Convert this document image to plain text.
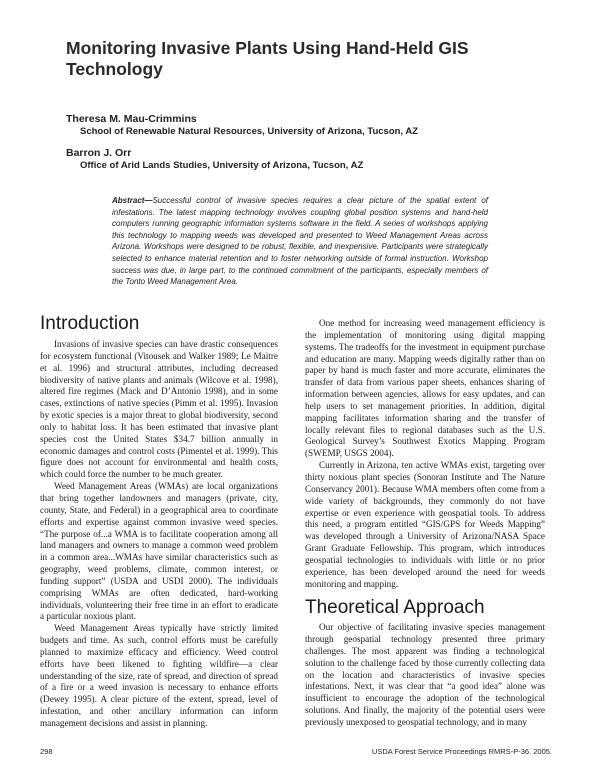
Monitoring Invasive Plants Using Hand-Held GIS Technology
Theresa M. Mau-Crimmins
School of Renewable Natural Resources, University of Arizona, Tucson, AZ
Barron J. Orr
Office of Arid Lands Studies, University of Arizona, Tucson, AZ
Abstract—Successful control of invasive species requires a clear picture of the spatial extent of infestations. The latest mapping technology involves coupling global position systems and hand-held computers running geographic information systems software in the field. A series of workshops applying this technology to mapping weeds was developed and presented to Weed Management Areas across Arizona. Workshops were designed to be robust, flexible, and inexpensive. Participants were strategically selected to enhance material retention and to foster networking outside of formal instruction. Workshop success was due, in large part, to the continued commitment of the participants, especially members of the Tonto Weed Management Area.
Introduction

Invasions of invasive species can have drastic consequences for ecosystem functional (Vitousek and Walker 1989; Le Maitre et al. 1996) and structural attributes, including decreased biodiversity of native plants and animals (Wilcove et al. 1998), altered fire regimes (Mack and D’Antonio 1998), and in some cases, extinctions of native species (Pimm et al. 1995). Invasion by exotic species is a major threat to global biodiversity, second only to habitat loss. It has been estimated that invasive plant species cost the United States $34.7 billion annually in economic damages and control costs (Pimentel et al. 1999). This figure does not account for environmental and health costs, which could force the number to be much greater.

Weed Management Areas (WMAs) are local organizations that bring together landowners and managers (private, city, county, State, and Federal) in a geographical area to coordinate efforts and expertise against common invasive weed species. “The purpose of...a WMA is to facilitate cooperation among all land managers and owners to manage a common weed problem in a common area...WMAs have similar characteristics such as geography, weed problems, climate, common interest, or funding support” (USDA and USDI 2000). The individuals comprising WMAs are often dedicated, hard-working individuals, volunteering their free time in an effort to eradicate a particular noxious plant.

Weed Management Areas typically have strictly limited budgets and time. As such, control efforts must be carefully planned to maximize efficacy and efficiency. Weed control efforts have been likened to fighting wildfire—a clear understanding of the size, rate of spread, and direction of spread of a fire or a weed invasion is necessary to enhance efforts (Dewey 1995). A clear picture of the extent, spread, level of infestation, and other ancillary information can inform management decisions and assist in planning.

One method for increasing weed management efficiency is the implementation of monitoring using digital mapping systems. The tradeoffs for the investment in equipment purchase and education are many. Mapping weeds digitally rather than on paper by hand is much faster and more accurate, eliminates the transfer of data from various paper sheets, enhances sharing of information between agencies, allows for easy updates, and can help users to set management priorities. In addition, digital mapping facilitates information sharing and the transfer of locally relevant files to regional databases such as the U.S. Geological Survey’s Southwest Exotics Mapping Program (SWEMP, USGS 2004).

Currently in Arizona, ten active WMAs exist, targeting over thirty noxious plant species (Sonoran Institute and The Nature Conservancy 2001). Because WMA members often come from a wide variety of backgrounds, they commonly do not have expertise or even experience with geospatial tools. To address this need, a program entitled “GIS/GPS for Weeds Mapping” was developed through a University of Arizona/NASA Space Grant Graduate Fellowship. This program, which introduces geospatial technologies to individuals with little or no prior experience, has been developed around the need for weeds monitoring and mapping.

Theoretical Approach

Our objective of facilitating invasive species management through geospatial technology presented three primary challenges. The most apparent was finding a technological solution to the challenge faced by those currently collecting data on the location and characteristics of invasive species infestations. Next, it was clear that “a good idea” alone was insufficient to encourage the adoption of the technological solutions. And finally, the majority of the potential users were previously unexposed to geospatial technology, and in many

298	USDA Forest Service Proceedings RMRS-P-36. 2005.
